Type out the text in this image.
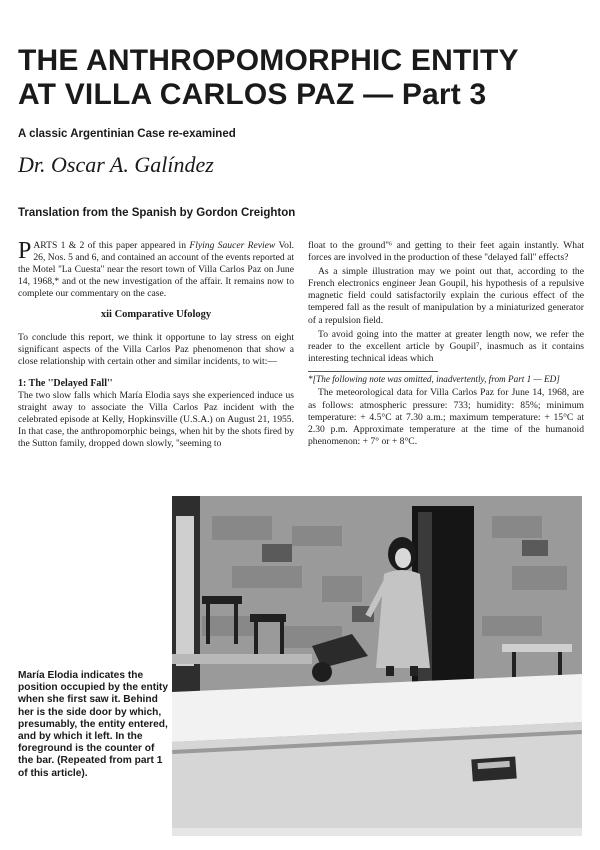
THE ANTHROPOMORPHIC ENTITY
AT VILLA CARLOS PAZ — Part 3
A classic Argentinian Case re-examined
Dr. Oscar A. Galíndez
Translation from the Spanish by Gordon Creighton

PARTS 1 & 2 of this paper appeared in Flying Saucer Review Vol. 26, Nos. 5 and 6, and contained an account of the events reported at the Motel ''La Cuesta'' near the resort town of Villa Carlos Paz on June 14, 1968,* and ot the new investigation of the affair. It remains now to complete our commentary on the case.

xii Comparative Ufology

To conclude this report, we think it opportune to lay stress on eight significant aspects of the Villa Carlos Paz phenomenon that show a close relationship with certain other and similar incidents, to wit:—

1: The ''Delayed Fall''

The two slow falls which María Elodia says she experienced induce us straight away to associate the Villa Carlos Paz incident with the celebrated episode at Kelly, Hopkinsville (U.S.A.) on August 21, 1955. In that case, the anthropomorphic beings, when hit by the shots fired by the Sutton family, dropped down slowly, ''seeming to

float to the ground''⁶ and getting to their feet again instantly. What forces are involved in the production of these ''delayed fall'' effects?

As a simple illustration may we point out that, according to the French electronics engineer Jean Goupil, his hypothesis of a repulsive magnetic field could satisfactorily explain the curious effect of the tempered fall as the result of manipulation by a miniaturized generator of a repulsion field.

To avoid going into the matter at greater length now, we refer the reader to the excellent article by Goupil⁷, inasmuch as it contains interesting technical ideas which

*[The following note was omitted, inadvertently, from Part 1 — ED]

The meteorological data for Villa Carlos Paz for June 14, 1968, are as follows: atmospheric pressure: 733; humidity: 85%; minimum temperature: + 4.5°C at 7.30 a.m.; maximum temperature: + 15°C at 2.30 p.m. Approximate temperature at the time of the humanoid phenomenon: + 7° or + 8°C.

María Elodia indicates the position occupied by the entity when she first saw it. Behind her is the side door by which, presumably, the entity entered, and by which it left. In the foreground is the counter of the bar. (Repeated from part 1 of this article).
